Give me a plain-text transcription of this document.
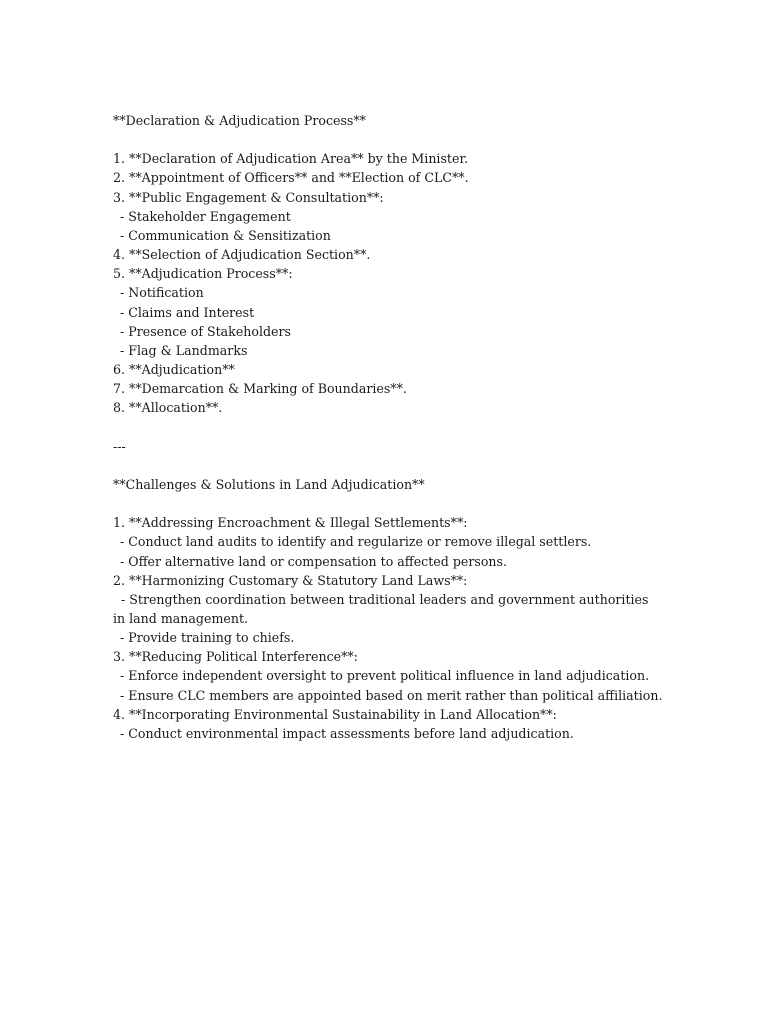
**Declaration & Adjudication Process**
1. **Declaration of Adjudication Area** by the Minister.
2. **Appointment of Officers** and **Election of CLC**.
3. **Public Engagement & Consultation**:
- Stakeholder Engagement
- Communication & Sensitization
4. **Selection of Adjudication Section**.
5. **Adjudication Process**:
- Notification
- Claims and Interest
- Presence of Stakeholders
- Flag & Landmarks
6. **Adjudication**
7. **Demarcation & Marking of Boundaries**.
8. **Allocation**.
---
**Challenges & Solutions in Land Adjudication**
1. **Addressing Encroachment & Illegal Settlements**:
- Conduct land audits to identify and regularize or remove illegal settlers.
- Offer alternative land or compensation to affected persons.
2. **Harmonizing Customary & Statutory Land Laws**:
- Strengthen coordination between traditional leaders and government authorities in land management.
- Provide training to chiefs.
3. **Reducing Political Interference**:
- Enforce independent oversight to prevent political influence in land adjudication.
- Ensure CLC members are appointed based on merit rather than political affiliation.
4. **Incorporating Environmental Sustainability in Land Allocation**:
- Conduct environmental impact assessments before land adjudication.
